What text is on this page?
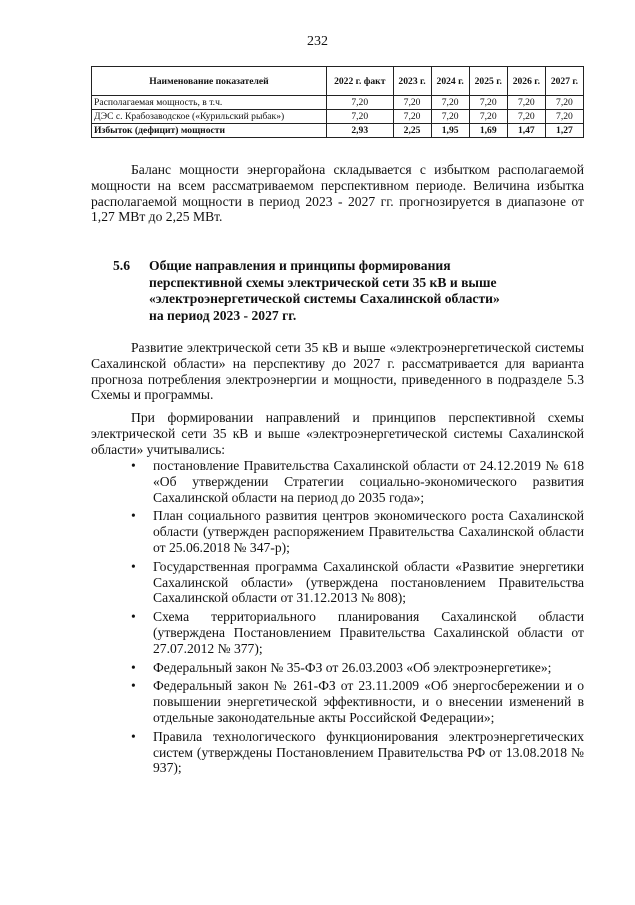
232
Наименование показателей	2022 г. факт	2023 г.	2024 г.	2025 г.	2026 г.	2027 г.
Располагаемая мощность, в т.ч.	7,20	7,20	7,20	7,20	7,20	7,20
ДЭС с. Крабозаводское («Курильский рыбак»)	7,20	7,20	7,20	7,20	7,20	7,20
Избыток (дефицит) мощности	2,93	2,25	1,95	1,69	1,47	1,27

Баланс мощности энергорайона складывается с избытком располагаемой мощности на всем рассматриваемом перспективном периоде. Величина избытка располагаемой мощности в период 2023 - 2027 гг. прогнозируется в диапазоне от 1,27 МВт до 2,25 МВт.

5.6 Общие направления и принципы формирования
перспективной схемы электрической сети 35 кВ и выше
«электроэнергетической системы Сахалинской области»
на период 2023 - 2027 гг.

Развитие электрической сети 35 кВ и выше «электроэнергетической системы Сахалинской области» на перспективу до 2027 г. рассматривается для варианта прогноза потребления электроэнергии и мощности, приведенного в подразделе 5.3 Схемы и программы.

При формировании направлений и принципов перспективной схемы электрической сети 35 кВ и выше «электроэнергетической системы Сахалинской области» учитывались:

• постановление Правительства Сахалинской области от 24.12.2019 № 618 «Об утверждении Стратегии социально-экономического развития Сахалинской области на период до 2035 года»;
• План социального развития центров экономического роста Сахалинской области (утвержден распоряжением Правительства Сахалинской области от 25.06.2018 № 347-р);
• Государственная программа Сахалинской области «Развитие энергетики Сахалинской области» (утверждена постановлением Правительства Сахалинской области от 31.12.2013 № 808);
• Схема территориального планирования Сахалинской области (утверждена Постановлением Правительства Сахалинской области от 27.07.2012 № 377);
• Федеральный закон № 35-ФЗ от 26.03.2003 «Об электроэнергетике»;
• Федеральный закон № 261-ФЗ от 23.11.2009 «Об энергосбережении и о повышении энергетической эффективности, и о внесении изменений в отдельные законодательные акты Российской Федерации»;
• Правила технологического функционирования электроэнергетических систем (утверждены Постановлением Правительства РФ от 13.08.2018 № 937);
